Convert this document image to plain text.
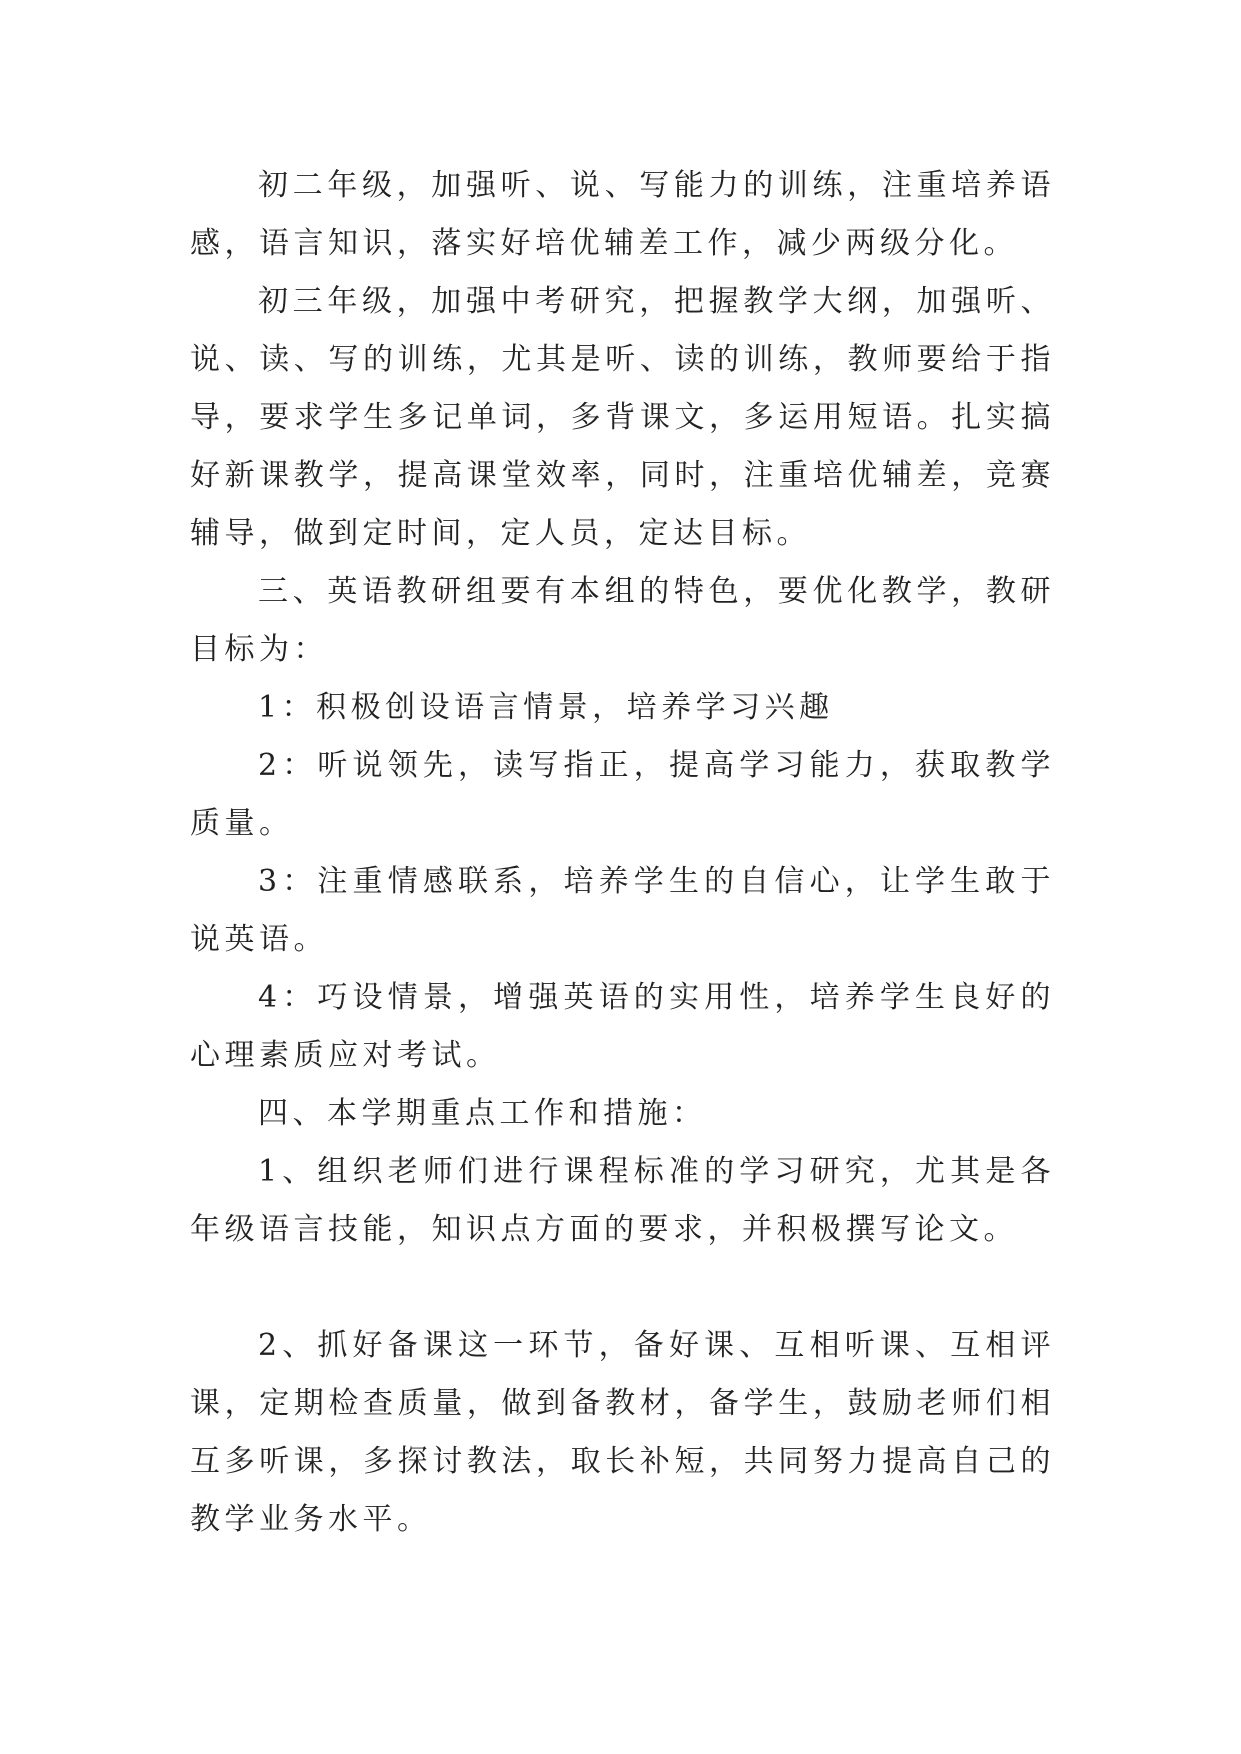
初二年级，加强听、说、写能力的训练，注重培养语感，语言知识，落实好培优辅差工作，减少两级分化。

初三年级，加强中考研究，把握教学大纲，加强听、说、读、写的训练，尤其是听、读的训练，教师要给于指导，要求学生多记单词，多背课文，多运用短语。扎实搞好新课教学，提高课堂效率，同时，注重培优辅差，竞赛辅导，做到定时间，定人员，定达目标。

三、英语教研组要有本组的特色，要优化教学，教研目标为：

1：积极创设语言情景，培养学习兴趣

2：听说领先，读写指正，提高学习能力，获取教学质量。

3：注重情感联系，培养学生的自信心，让学生敢于说英语。

4：巧设情景，增强英语的实用性，培养学生良好的心理素质应对考试。

四、本学期重点工作和措施：

1、组织老师们进行课程标准的学习研究，尤其是各年级语言技能，知识点方面的要求，并积极撰写论文。

2、抓好备课这一环节，备好课、互相听课、互相评课，定期检查质量，做到备教材，备学生，鼓励老师们相互多听课，多探讨教法，取长补短，共同努力提高自己的教学业务水平。
